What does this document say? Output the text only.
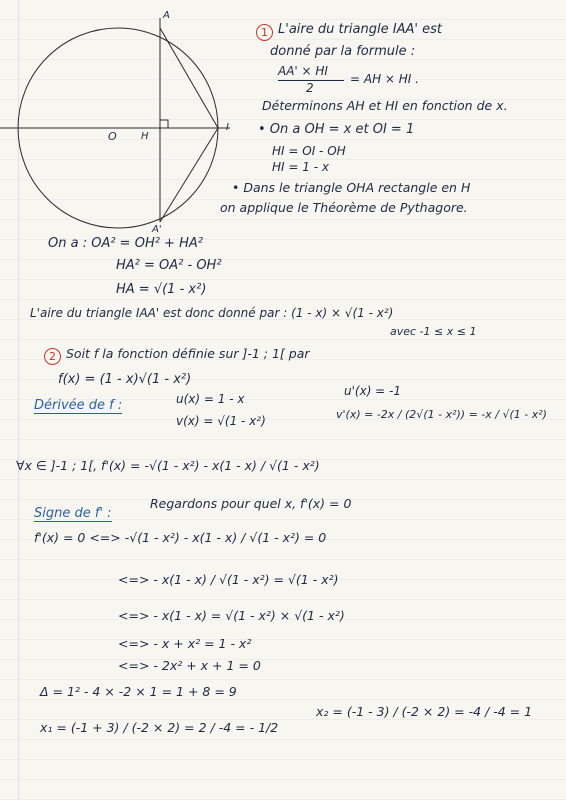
A
A'
O H
I
1 L'aire du triangle IAA' est
donné par la formule :
AA' × HI
2
= AH × HI .
Déterminons AH et HI en fonction de x.
• On a OH = x et OI = 1
HI = OI - OH
HI = 1 - x
• Dans le triangle OHA rectangle en H
on applique le Théorème de Pythagore.
On a : OA² = OH² + HA²
HA² = OA² - OH²
HA = √(1 - x²)
L'aire du triangle IAA' est donc donné par : (1 - x) × √(1 - x²)
avec -1 ≤ x ≤ 1
2 Soit f la fonction définie sur ]-1 ; 1[ par
f(x) = (1 - x)√(1 - x²)
Dérivée de f :	u(x) = 1 - x
v(x) = √(1 - x²)
u'(x) = -1
v'(x) = -2x / (2√(1 - x²)) = -x / √(1 - x²)
∀x ∈ ]-1 ; 1[, f'(x) = -√(1 - x²) - x(1 - x) / √(1 - x²)
Signe de f' :
Regardons pour quel x, f'(x) = 0
f'(x) = 0 <=> -√(1 - x²) - x(1 - x) / √(1 - x²) = 0
<=> - x(1 - x) / √(1 - x²) = √(1 - x²)
<=> - x(1 - x) = √(1 - x²) × √(1 - x²)
<=> - x + x² = 1 - x²
<=> - 2x² + x + 1 = 0
Δ = 1² - 4 × -2 × 1 = 1 + 8 = 9
x₁ = (-1 + 3) / (-2 × 2) = 2 / -4 = - 1/2
x₂ = (-1 - 3) / (-2 × 2) = -4 / -4 = 1
